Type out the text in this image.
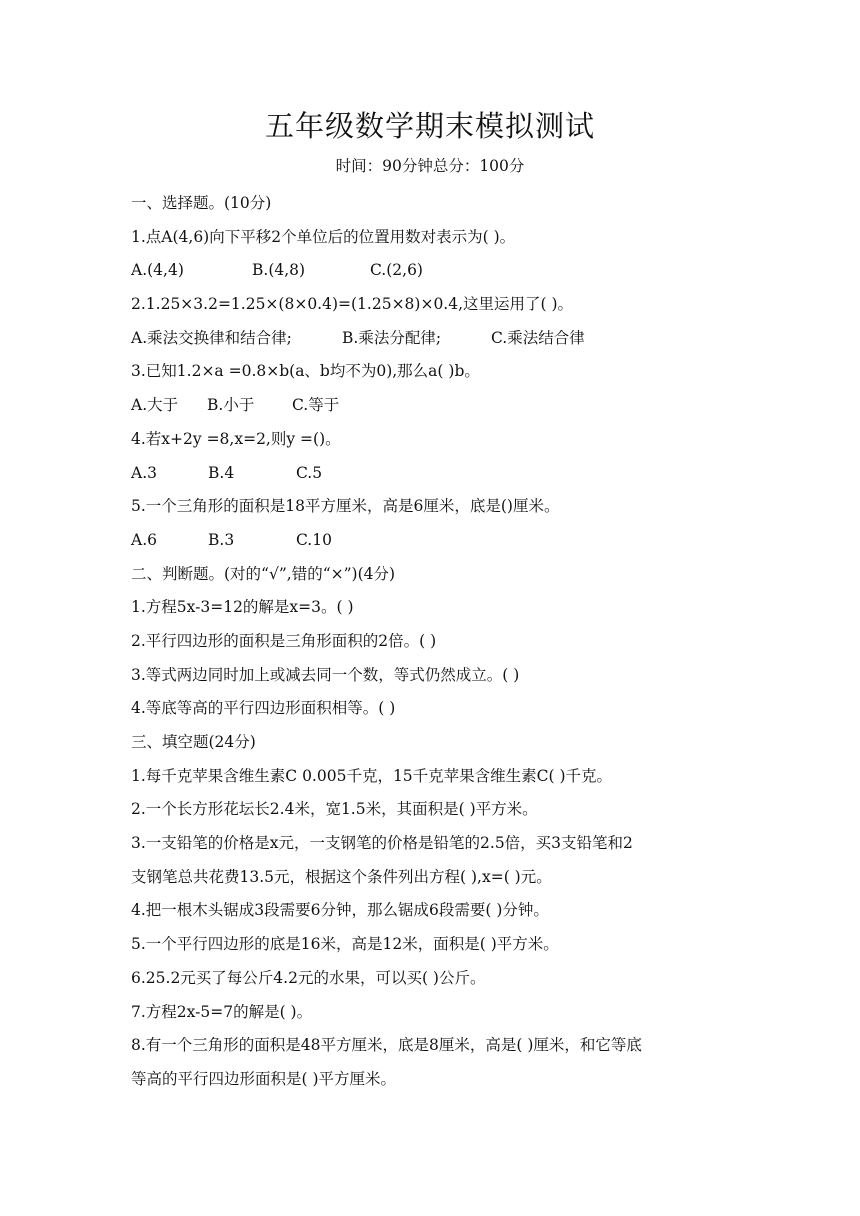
五年级数学期末模拟测试
时间：90分钟总分：100分
一、选择题。(10分)
1.点A(4,6)向下平移2个单位后的位置用数对表示为( )。
A.(4,4)	B.(4,8)	C.(2,6)
2.1.25×3.2=1.25×(8×0.4)=(1.25×8)×0.4,这里运用了( )。
A.乘法交换律和结合律;	B.乘法分配律;	C.乘法结合律
3.已知1.2×a =0.8×b(a、b均不为0),那么a( )b。
A.大于 B.小于 C.等于
4.若x+2y =8,x=2,则y =()。
A.3	B.4	C.5
5.一个三角形的面积是18平方厘米，高是6厘米，底是()厘米。
A.6	B.3	C.10
二、判断题。(对的“√”,错的“×”)(4分)
1.方程5x-3=12的解是x=3。( )
2.平行四边形的面积是三角形面积的2倍。( )
3.等式两边同时加上或减去同一个数，等式仍然成立。( )
4.等底等高的平行四边形面积相等。( )
三、填空题(24分)
1.每千克苹果含维生素C 0.005千克，15千克苹果含维生素C( )千克。
2.一个长方形花坛长2.4米，宽1.5米，其面积是( )平方米。
3.一支铅笔的价格是x元，一支钢笔的价格是铅笔的2.5倍，买3支铅笔和2
支钢笔总共花费13.5元，根据这个条件列出方程( ),x=( )元。
4.把一根木头锯成3段需要6分钟，那么锯成6段需要( )分钟。
5.一个平行四边形的底是16米，高是12米，面积是( )平方米。
6.25.2元买了每公斤4.2元的水果，可以买( )公斤。
7.方程2x-5=7的解是( )。
8.有一个三角形的面积是48平方厘米，底是8厘米，高是( )厘米，和它等底
等高的平行四边形面积是( )平方厘米。
